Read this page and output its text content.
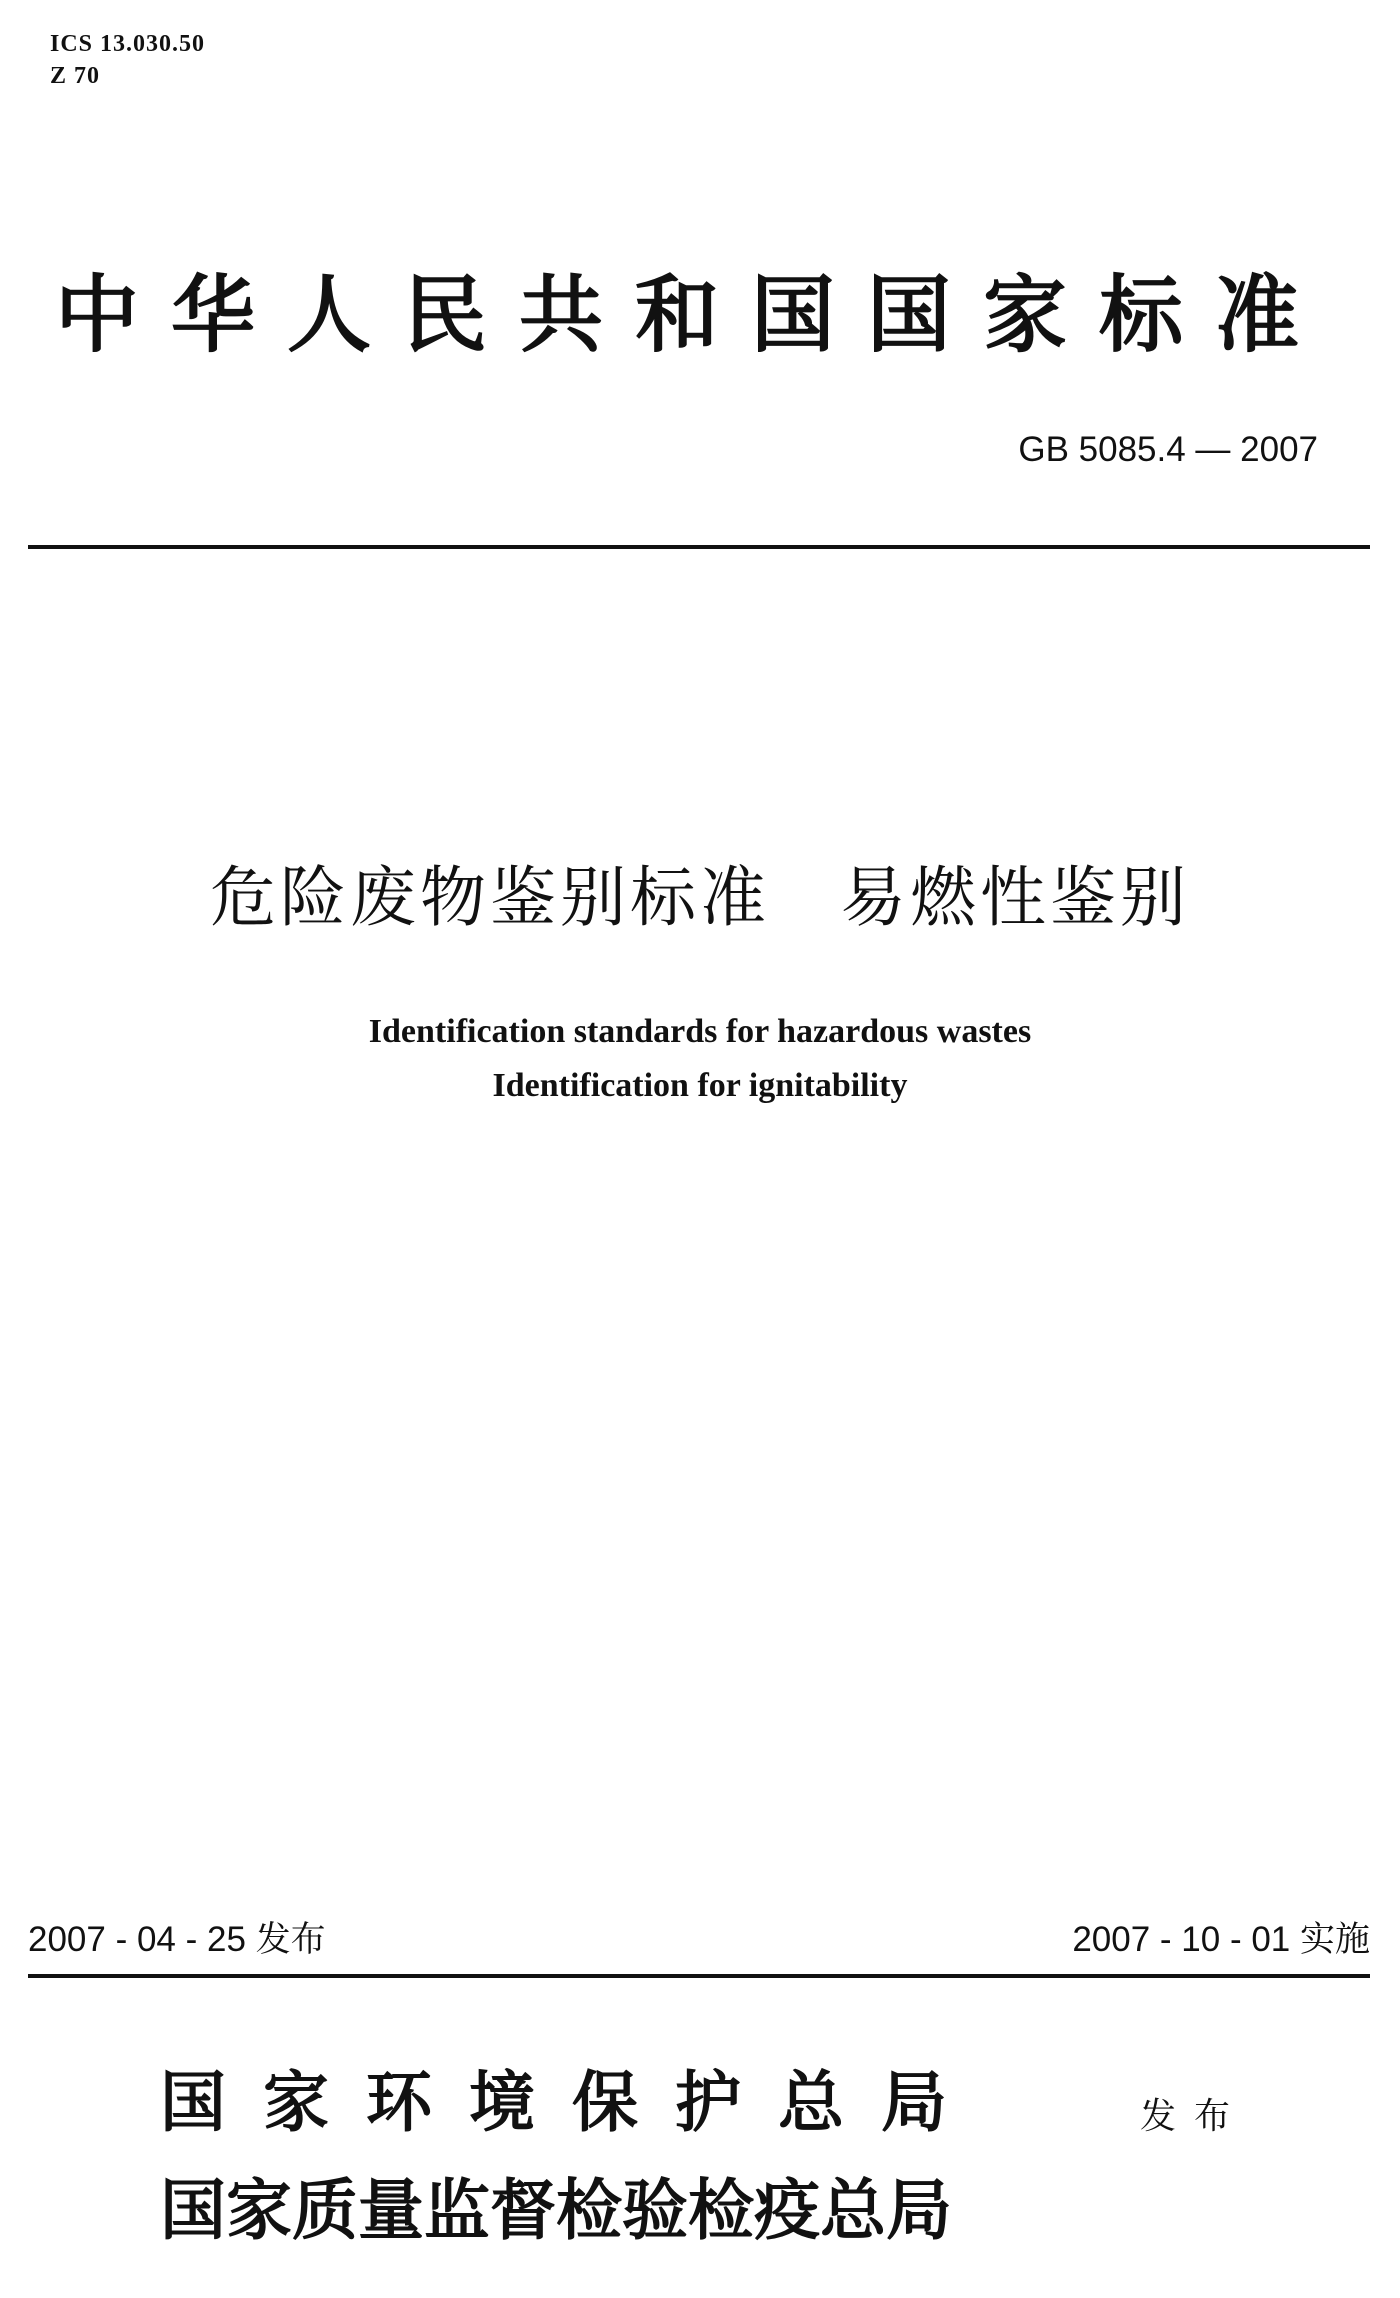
ICS 13.030.50
Z 70
中华人民共和国国家标准
GB 5085.4 — 2007
危险废物鉴别标准　易燃性鉴别
Identification standards for hazardous wastes
Identification for ignitability
2007 - 04 - 25 发布	2007 - 10 - 01 实施
国家环境保护总局
国家质量监督检验检疫总局
发布
